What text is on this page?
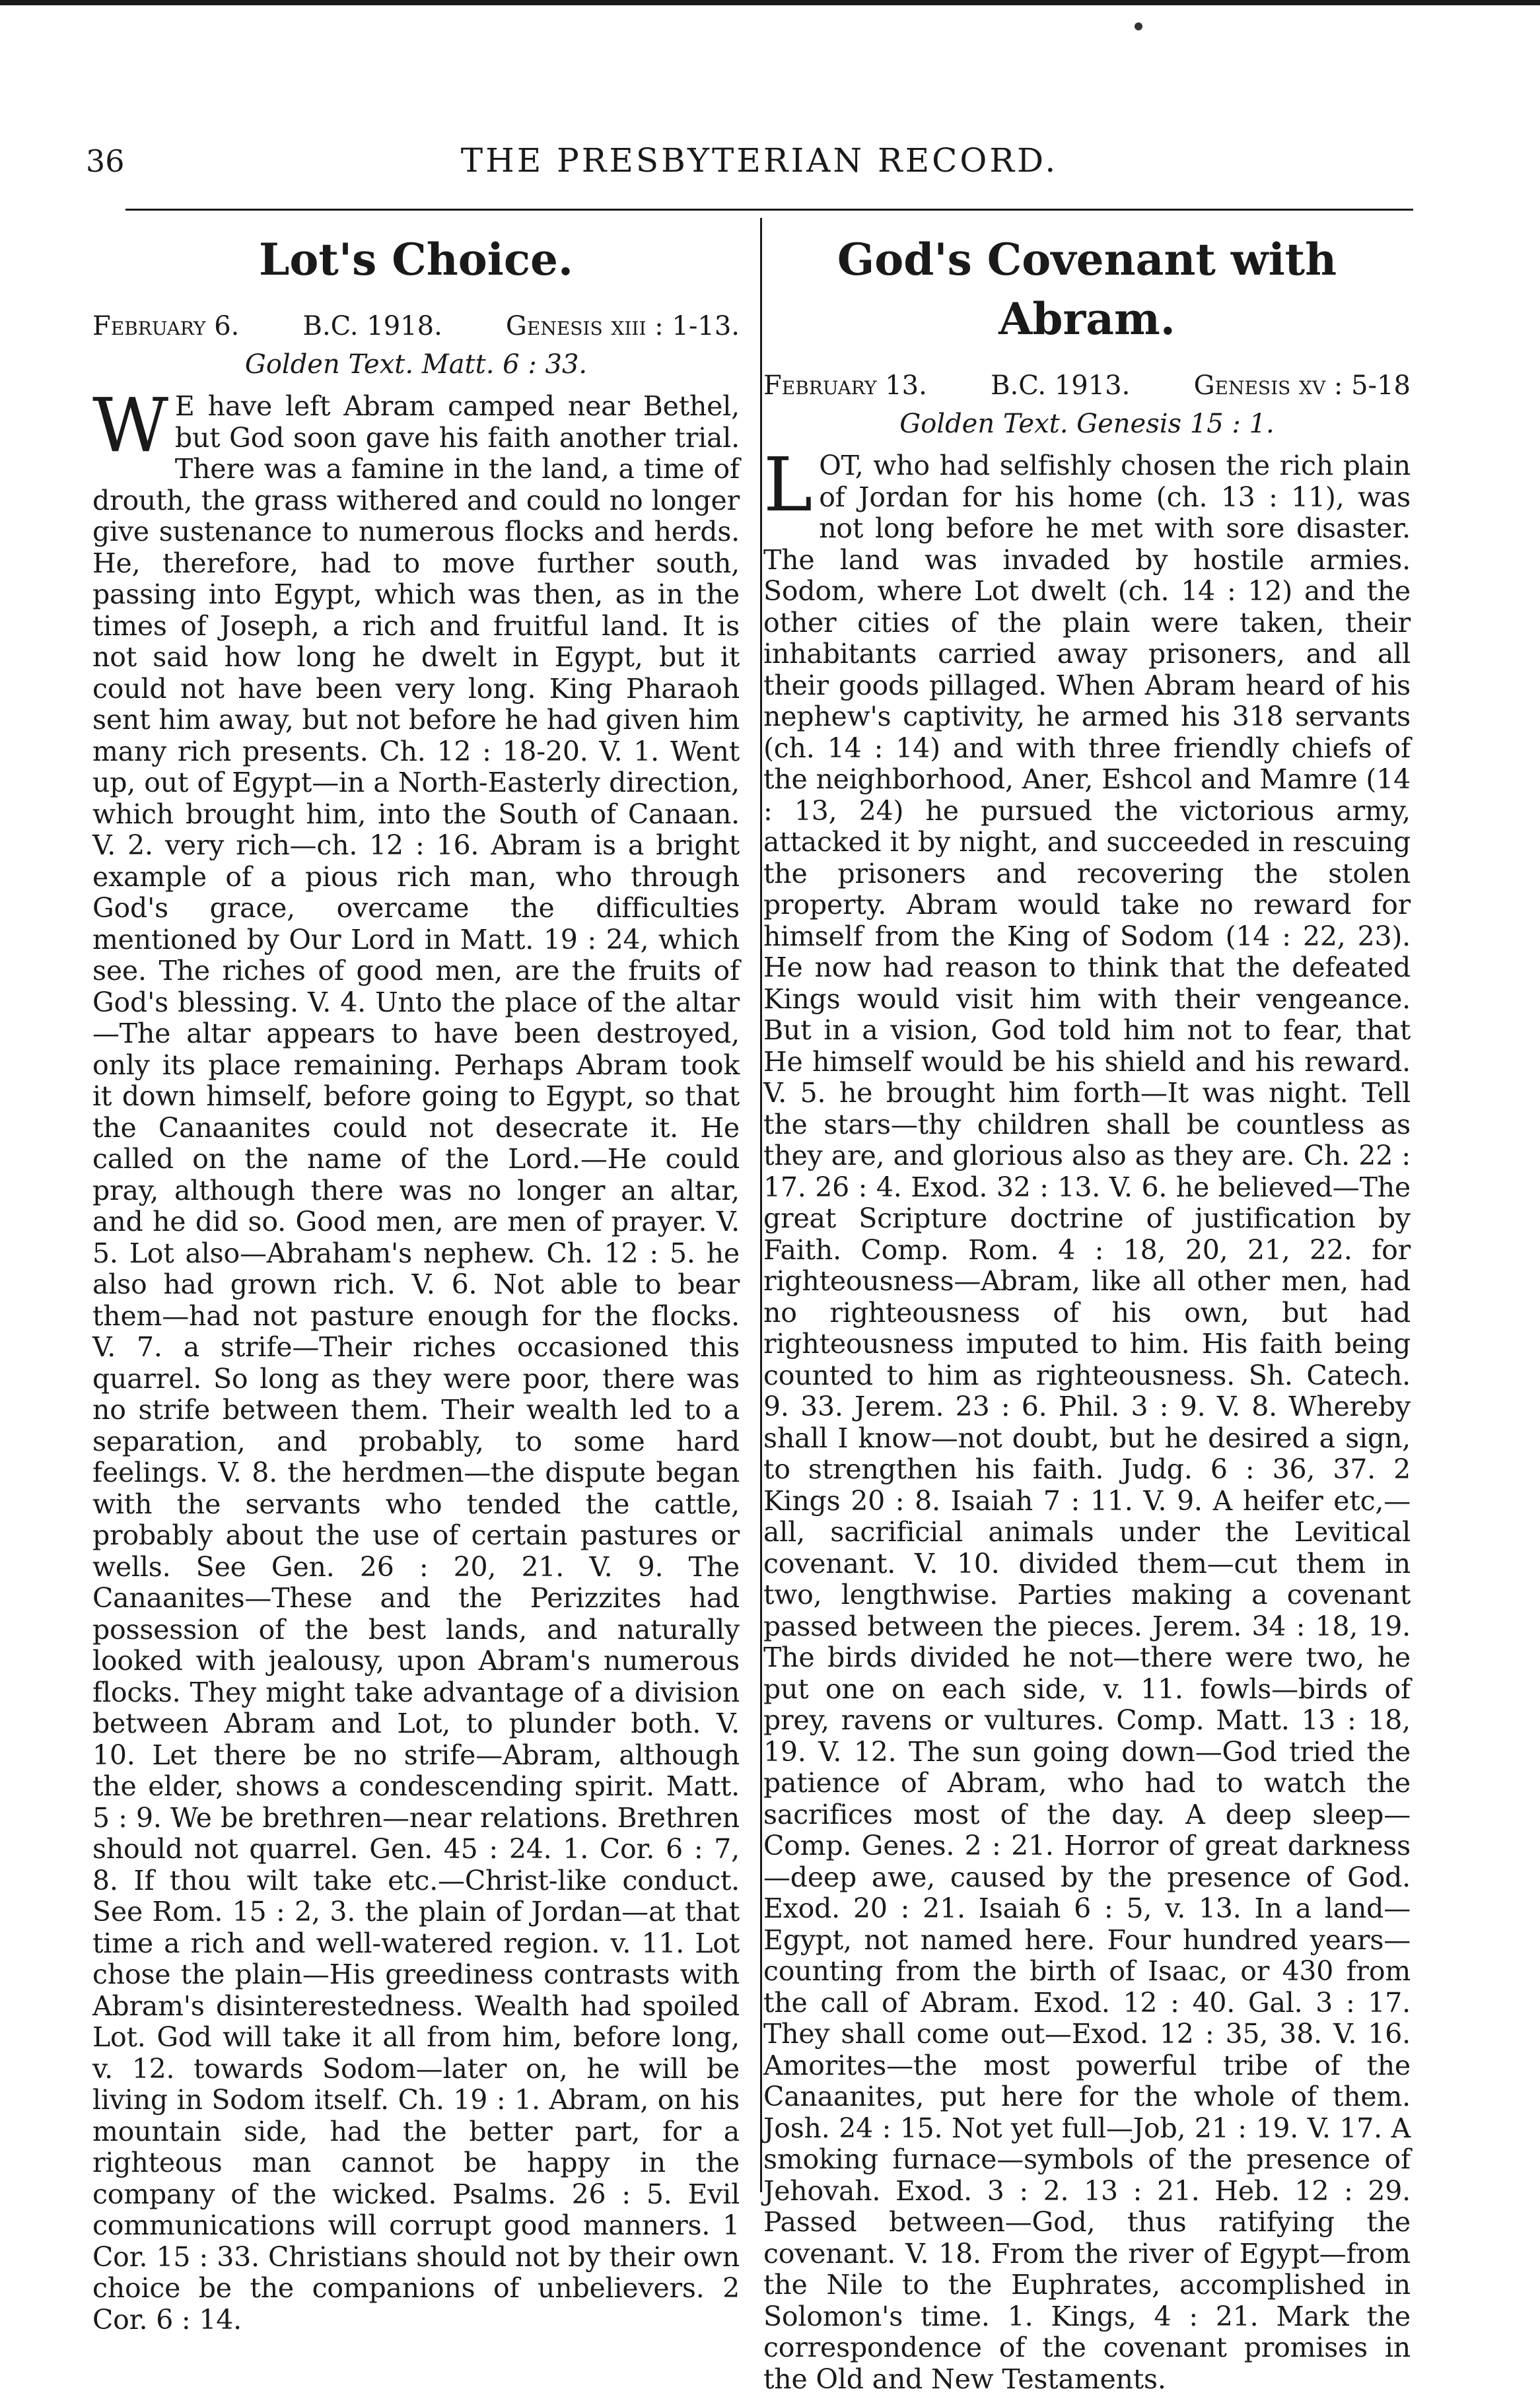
36	THE PRESBYTERIAN RECORD.
Lot's Choice.
February 6. B.C. 1918. Genesis xiii : 1-13.
Golden Text. Matt. 6 : 33.

W E have left Abram camped near Bethel, but God soon gave his faith another trial. There was a famine in the land, a time of drouth, the grass withered and could no longer give sustenance to numerous flocks and herds. He, therefore, had to move further south, passing into Egypt, which was then, as in the times of Joseph, a rich and fruitful land. It is not said how long he dwelt in Egypt, but it could not have been very long. King Pharaoh sent him away, but not before he had given him many rich presents. Ch. 12 : 18-20. V. 1. Went up, out of Egypt—in a North-Easterly direction, which brought him, into the South of Canaan. V. 2. very rich—ch. 12 : 16. Abram is a bright example of a pious rich man, who through God's grace, overcame the difficulties mentioned by Our Lord in Matt. 19 : 24, which see. The riches of good men, are the fruits of God's blessing. V. 4. Unto the place of the altar—The altar appears to have been destroyed, only its place remaining. Perhaps Abram took it down himself, before going to Egypt, so that the Canaanites could not desecrate it. He called on the name of the Lord.—He could pray, although there was no longer an altar, and he did so. Good men, are men of prayer. V. 5. Lot also—Abraham's nephew. Ch. 12 : 5. he also had grown rich. V. 6. Not able to bear them—had not pasture enough for the flocks. V. 7. a strife—Their riches occasioned this quarrel. So long as they were poor, there was no strife between them. Their wealth led to a separation, and probably, to some hard feelings. V. 8. the herdmen—the dispute began with the servants who tended the cattle, probably about the use of certain pastures or wells. See Gen. 26 : 20, 21. V. 9. The Canaanites—These and the Perizzites had possession of the best lands, and naturally looked with jealousy, upon Abram's numerous flocks. They might take advantage of a division between Abram and Lot, to plunder both. V. 10. Let there be no strife—Abram, although the elder, shows a condescending spirit. Matt. 5 : 9. We be brethren—near relations. Brethren should not quarrel. Gen. 45 : 24. 1. Cor. 6 : 7, 8. If thou wilt take etc.—Christ-like conduct. See Rom. 15 : 2, 3. the plain of Jordan—at that time a rich and well-watered region. v. 11. Lot chose the plain—His greediness contrasts with Abram's disinterestedness. Wealth had spoiled Lot. God will take it all from him, before long, v. 12. towards Sodom—later on, he will be living in Sodom itself. Ch. 19 : 1. Abram, on his mountain side, had the better part, for a righteous man cannot be happy in the company of the wicked. Psalms. 26 : 5. Evil communications will corrupt good manners. 1 Cor. 15 : 33. Christians should not by their own choice be the companions of unbelievers. 2 Cor. 6 : 14.

God's Covenant with Abram.
February 13. B.C. 1913. Genesis xv : 5-18
Golden Text. Genesis 15 : 1.

LOT, who had selfishly chosen the rich plain of Jordan for his home (ch. 13 : 11), was not long before he met with sore disaster. The land was invaded by hostile armies. Sodom, where Lot dwelt (ch. 14 : 12) and the other cities of the plain were taken, their inhabitants carried away prisoners, and all their goods pillaged. When Abram heard of his nephew's captivity, he armed his 318 servants (ch. 14 : 14) and with three friendly chiefs of the neighborhood, Aner, Eshcol and Mamre (14 : 13, 24) he pursued the victorious army, attacked it by night, and succeeded in rescuing the prisoners and recovering the stolen property. Abram would take no reward for himself from the King of Sodom (14 : 22, 23). He now had reason to think that the defeated Kings would visit him with their vengeance. But in a vision, God told him not to fear, that He himself would be his shield and his reward. V. 5. he brought him forth—It was night. Tell the stars—thy children shall be countless as they are, and glorious also as they are. Ch. 22 : 17. 26 : 4. Exod. 32 : 13. V. 6. he believed—The great Scripture doctrine of justification by Faith. Comp. Rom. 4 : 18, 20, 21, 22. for righteousness—Abram, like all other men, had no righteousness of his own, but had righteousness imputed to him. His faith being counted to him as righteousness. Sh. Catech. 9. 33. Jerem. 23 : 6. Phil. 3 : 9. V. 8. Whereby shall I know—not doubt, but he desired a sign, to strengthen his faith. Judg. 6 : 36, 37. 2 Kings 20 : 8. Isaiah 7 : 11. V. 9. A heifer etc,—all, sacrificial animals under the Levitical covenant. V. 10. divided them—cut them in two, lengthwise. Parties making a covenant passed between the pieces. Jerem. 34 : 18, 19. The birds divided he not—there were two, he put one on each side, v. 11. fowls—birds of prey, ravens or vultures. Comp. Matt. 13 : 18, 19. V. 12. The sun going down—God tried the patience of Abram, who had to watch the sacrifices most of the day. A deep sleep—Comp. Genes. 2 : 21. Horror of great darkness—deep awe, caused by the presence of God. Exod. 20 : 21. Isaiah 6 : 5, v. 13. In a land—Egypt, not named here. Four hundred years—counting from the birth of Isaac, or 430 from the call of Abram. Exod. 12 : 40. Gal. 3 : 17. They shall come out—Exod. 12 : 35, 38. V. 16. Amorites—the most powerful tribe of the Canaanites, put here for the whole of them. Josh. 24 : 15. Not yet full—Job, 21 : 19. V. 17. A smoking furnace—symbols of the presence of Jehovah. Exod. 3 : 2. 13 : 21. Heb. 12 : 29. Passed between—God, thus ratifying the covenant. V. 18. From the river of Egypt—from the Nile to the Euphrates, accomplished in Solomon's time. 1. Kings, 4 : 21. Mark the correspondence of the covenant promises in the Old and New Testaments.
